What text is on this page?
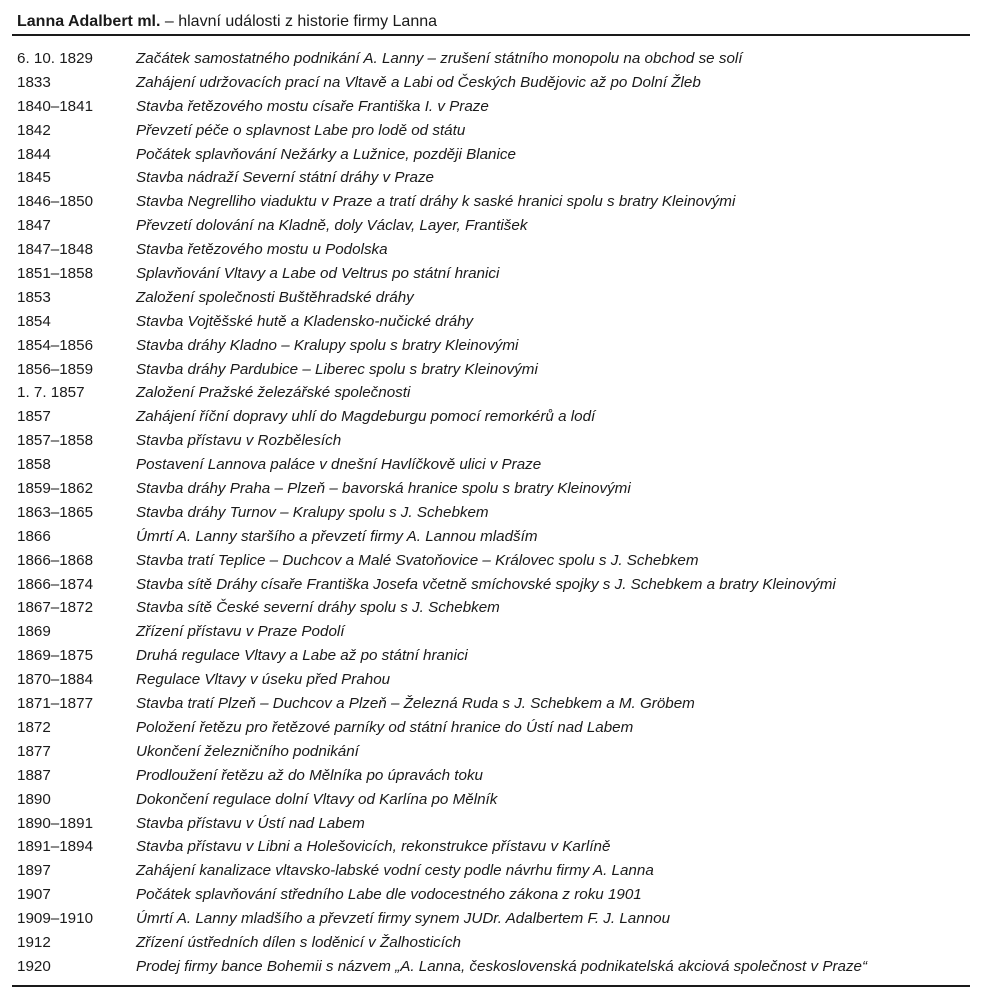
Lanna Adalbert ml. – hlavní události z historie firmy Lanna
6. 10. 1829	Začátek samostatného podnikání A. Lanny – zrušení státního monopolu na obchod se solí
1833	Zahájení udržovacích prací na Vltavě a Labi od Českých Budějovic až po Dolní Žleb
1840–1841	Stavba řetězového mostu císaře Františka I. v Praze
1842	Převzetí péče o splavnost Labe pro lodě od státu
1844	Počátek splavňování Nežárky a Lužnice, později Blanice
1845	Stavba nádraží Severní státní dráhy v Praze
1846–1850	Stavba Negrelliho viaduktu v Praze a tratí dráhy k saské hranici spolu s bratry Kleinovými
1847	Převzetí dolování na Kladně, doly Václav, Layer, František
1847–1848	Stavba řetězového mostu u Podolska
1851–1858	Splavňování Vltavy a Labe od Veltrus po státní hranici
1853	Založení společnosti Buštěhradské dráhy
1854	Stavba Vojtěšské hutě a Kladensko-nučické dráhy
1854–1856	Stavba dráhy Kladno – Kralupy spolu s bratry Kleinovými
1856–1859	Stavba dráhy Pardubice – Liberec spolu s bratry Kleinovými
1. 7. 1857	Založení Pražské železářské společnosti
1857	Zahájení říční dopravy uhlí do Magdeburgu pomocí remorkérů a lodí
1857–1858	Stavba přístavu v Rozbělesích
1858	Postavení Lannova paláce v dnešní Havlíčkově ulici v Praze
1859–1862	Stavba dráhy Praha – Plzeň – bavorská hranice spolu s bratry Kleinovými
1863–1865	Stavba dráhy Turnov – Kralupy spolu s J. Schebkem
1866	Úmrtí A. Lanny staršího a převzetí firmy A. Lannou mladším
1866–1868	Stavba tratí Teplice – Duchcov a Malé Svatoňovice – Královec spolu s J. Schebkem
1866–1874	Stavba sítě Dráhy císaře Františka Josefa včetně smíchovské spojky s J. Schebkem a bratry Kleinovými
1867–1872	Stavba sítě České severní dráhy spolu s J. Schebkem
1869	Zřízení přístavu v Praze Podolí
1869–1875	Druhá regulace Vltavy a Labe až po státní hranici
1870–1884	Regulace Vltavy v úseku před Prahou
1871–1877	Stavba tratí Plzeň – Duchcov a Plzeň – Železná Ruda s J. Schebkem a M. Gröbem
1872	Položení řetězu pro řetězové parníky od státní hranice do Ústí nad Labem
1877	Ukončení železničního podnikání
1887	Prodloužení řetězu až do Mělníka po úpravách toku
1890	Dokončení regulace dolní Vltavy od Karlína po Mělník
1890–1891	Stavba přístavu v Ústí nad Labem
1891–1894	Stavba přístavu v Libni a Holešovicích, rekonstrukce přístavu v Karlíně
1897	Zahájení kanalizace vltavsko-labské vodní cesty podle návrhu firmy A. Lanna
1907	Počátek splavňování středního Labe dle vodocestného zákona z roku 1901
1909–1910	Úmrtí A. Lanny mladšího a převzetí firmy synem JUDr. Adalbertem F. J. Lannou
1912	Zřízení ústředních dílen s loděnicí v Žalhosticích
1920	Prodej firmy bance Bohemii s názvem „A. Lanna, československá podnikatelská akciová společnost v Praze“
